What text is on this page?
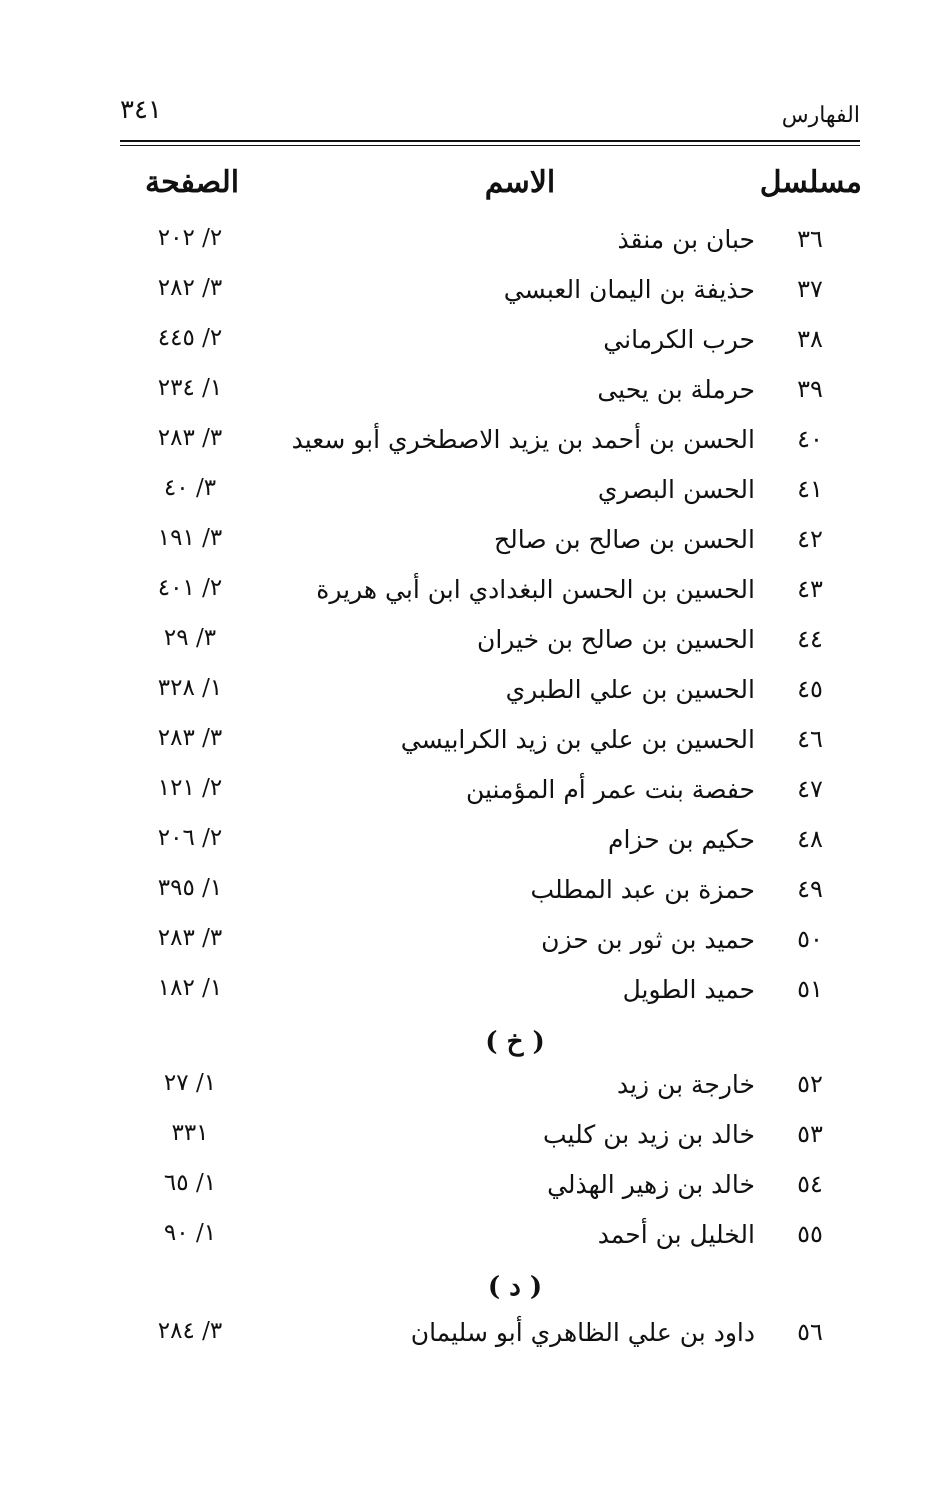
الفهارس
٣٤١
مسلسل
الاسم
الصفحة
٣٦
حبان بن منقذ
٢/ ٢٠٢
٣٧
حذيفة بن اليمان العبسي
٣/ ٢٨٢
٣٨
حرب الكرماني
٢/ ٤٤٥
٣٩
حرملة بن يحيى
١/ ٢٣٤
٤٠
الحسن بن أحمد بن يزيد الاصطخري أبو سعيد
٣/ ٢٨٣
٤١
الحسن البصري
٣/ ٤٠
٤٢
الحسن بن صالح بن صالح
٣/ ١٩١
٤٣
الحسين بن الحسن البغدادي ابن أبي هريرة
٢/ ٤٠١
٤٤
الحسين بن صالح بن خيران
٣/ ٢٩
٤٥
الحسين بن علي الطبري
١/ ٣٢٨
٤٦
الحسين بن علي بن زيد الكرابيسي
٣/ ٢٨٣
٤٧
حفصة بنت عمر أم المؤمنين
٢/ ١٢١
٤٨
حكيم بن حزام
٢/ ٢٠٦
٤٩
حمزة بن عبد المطلب
١/ ٣٩٥
٥٠
حميد بن ثور بن حزن
٣/ ٢٨٣
٥١
حميد الطويل
١/ ١٨٢
( خ )
٥٢
خارجة بن زيد
١/ ٢٧
٥٣
خالد بن زيد بن كليب
٣٣١
٥٤
خالد بن زهير الهذلي
١/ ٦٥
٥٥
الخليل بن أحمد
١/ ٩٠
( د )
٥٦
داود بن علي الظاهري أبو سليمان
٣/ ٢٨٤
